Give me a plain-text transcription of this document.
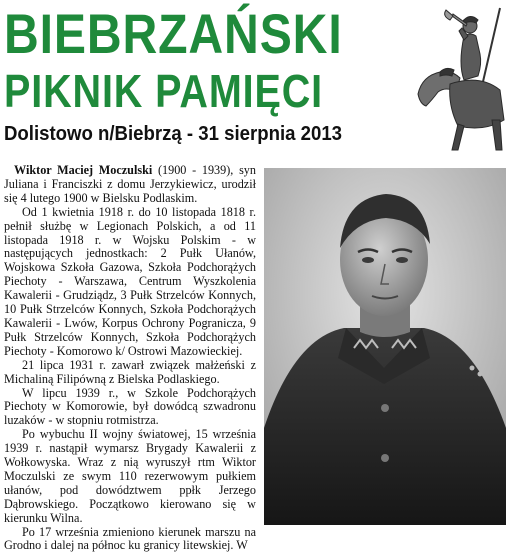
BIEBRZAŃSKI
PIKNIK PAMIĘCI
Dolistowo n/Biebrzą - 31 sierpnia 2013

Wiktor Maciej Moczulski (1900 - 1939), syn Juliana i Franciszki z domu Jerzykiewicz, urodził się 4 lutego 1900 w Bielsku Podlaskim.

Od 1 kwietnia 1918 r. do 10 listopada 1818 r. pełnił służbę w Legionach Polskich, a od 11 listopada 1918 r. w Wojsku Polskim - w następujących jednostkach: 2 Pułk Ułanów, Wojskowa Szkoła Gazowa, Szkoła Podchorążych Piechoty - Warszawa, Centrum Wyszkolenia Kawalerii - Grudziądz, 3 Pułk Strzelców Konnych, 10 Pułk Strzelców Konnych, Szkoła Podchorążych Kawalerii - Lwów, Korpus Ochrony Pogranicza, 9 Pułk Strzelców Konnych, Szkoła Podchorążych Piechoty - Komorowo k/ Ostrowi Mazowieckiej.

21 lipca 1931 r. zawarł związek małżeński z Michaliną Filipówną z Bielska Podlaskiego.

W lipcu 1939 r., w Szkole Podchorążych Piechoty w Komorowie, był dowódcą szwadronu luzaków - w stopniu rotmistrza.

Po wybuchu II wojny światowej, 15 września 1939 r. nastąpił wymarsz Brygady Kawalerii z Wołkowyska. Wraz z nią wyruszył rtm Wiktor Moczulski ze swym 110 rezerwowym pułkiem ułanów, pod dowództwem ppłk Jerzego Dąbrowskiego. Początkowo kierowano się w kierunku Wilna.

Po 17 września zmieniono kierunek marszu na Grodno i dalej na północ ku granicy litewskiej. W
